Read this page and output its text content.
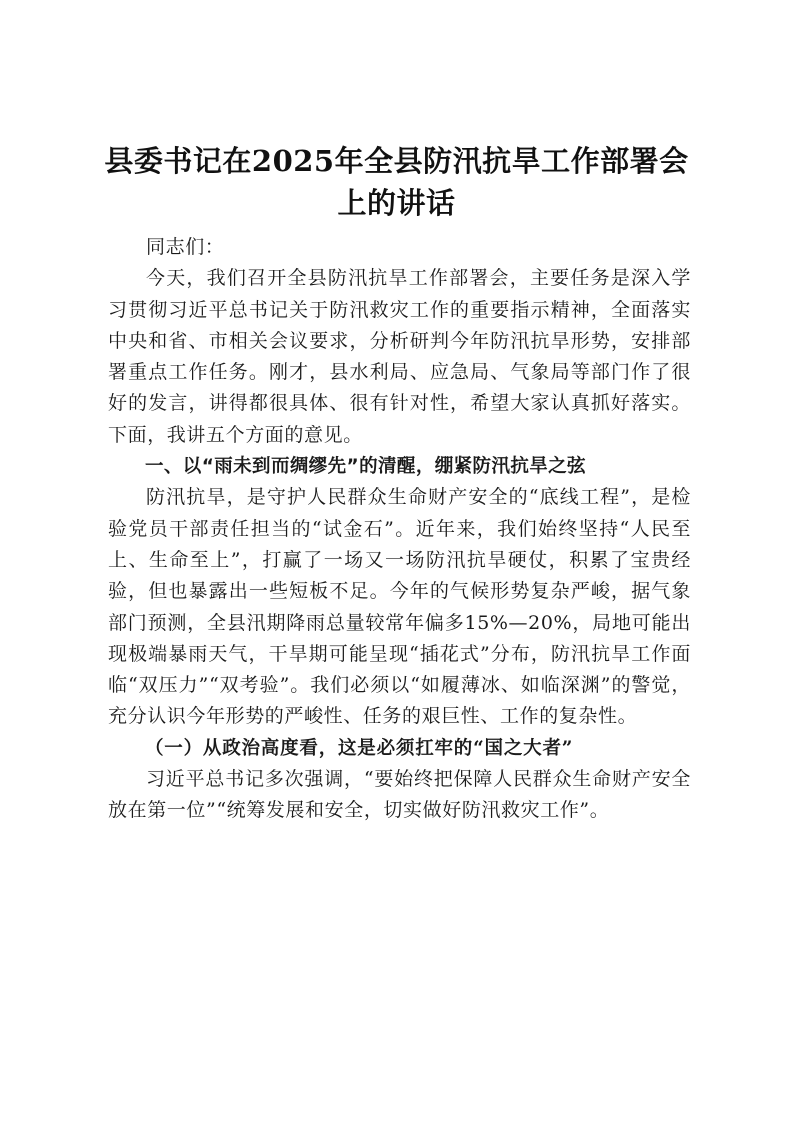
县委书记在2025年全县防汛抗旱工作部署会
上的讲话

同志们：

今天，我们召开全县防汛抗旱工作部署会，主要任务是深入学习贯彻习近平总书记关于防汛救灾工作的重要指示精神，全面落实中央和省、市相关会议要求，分析研判今年防汛抗旱形势，安排部署重点工作任务。刚才，县水利局、应急局、气象局等部门作了很好的发言，讲得都很具体、很有针对性，希望大家认真抓好落实。下面，我讲五个方面的意见。

一、以“雨未到而绸缪先”的清醒，绷紧防汛抗旱之弦

防汛抗旱，是守护人民群众生命财产安全的“底线工程”，是检验党员干部责任担当的“试金石”。近年来，我们始终坚持“人民至上、生命至上”，打赢了一场又一场防汛抗旱硬仗，积累了宝贵经验，但也暴露出一些短板不足。今年的气候形势复杂严峻，据气象部门预测，全县汛期降雨总量较常年偏多15%—20%，局地可能出现极端暴雨天气，干旱期可能呈现“插花式”分布，防汛抗旱工作面临“双压力”“双考验”。我们必须以“如履薄冰、如临深渊”的警觉，充分认识今年形势的严峻性、任务的艰巨性、工作的复杂性。

（一）从政治高度看，这是必须扛牢的“国之大者”

习近平总书记多次强调，“要始终把保障人民群众生命财产安全放在第一位”“统筹发展和安全，切实做好防汛救灾工作”。
